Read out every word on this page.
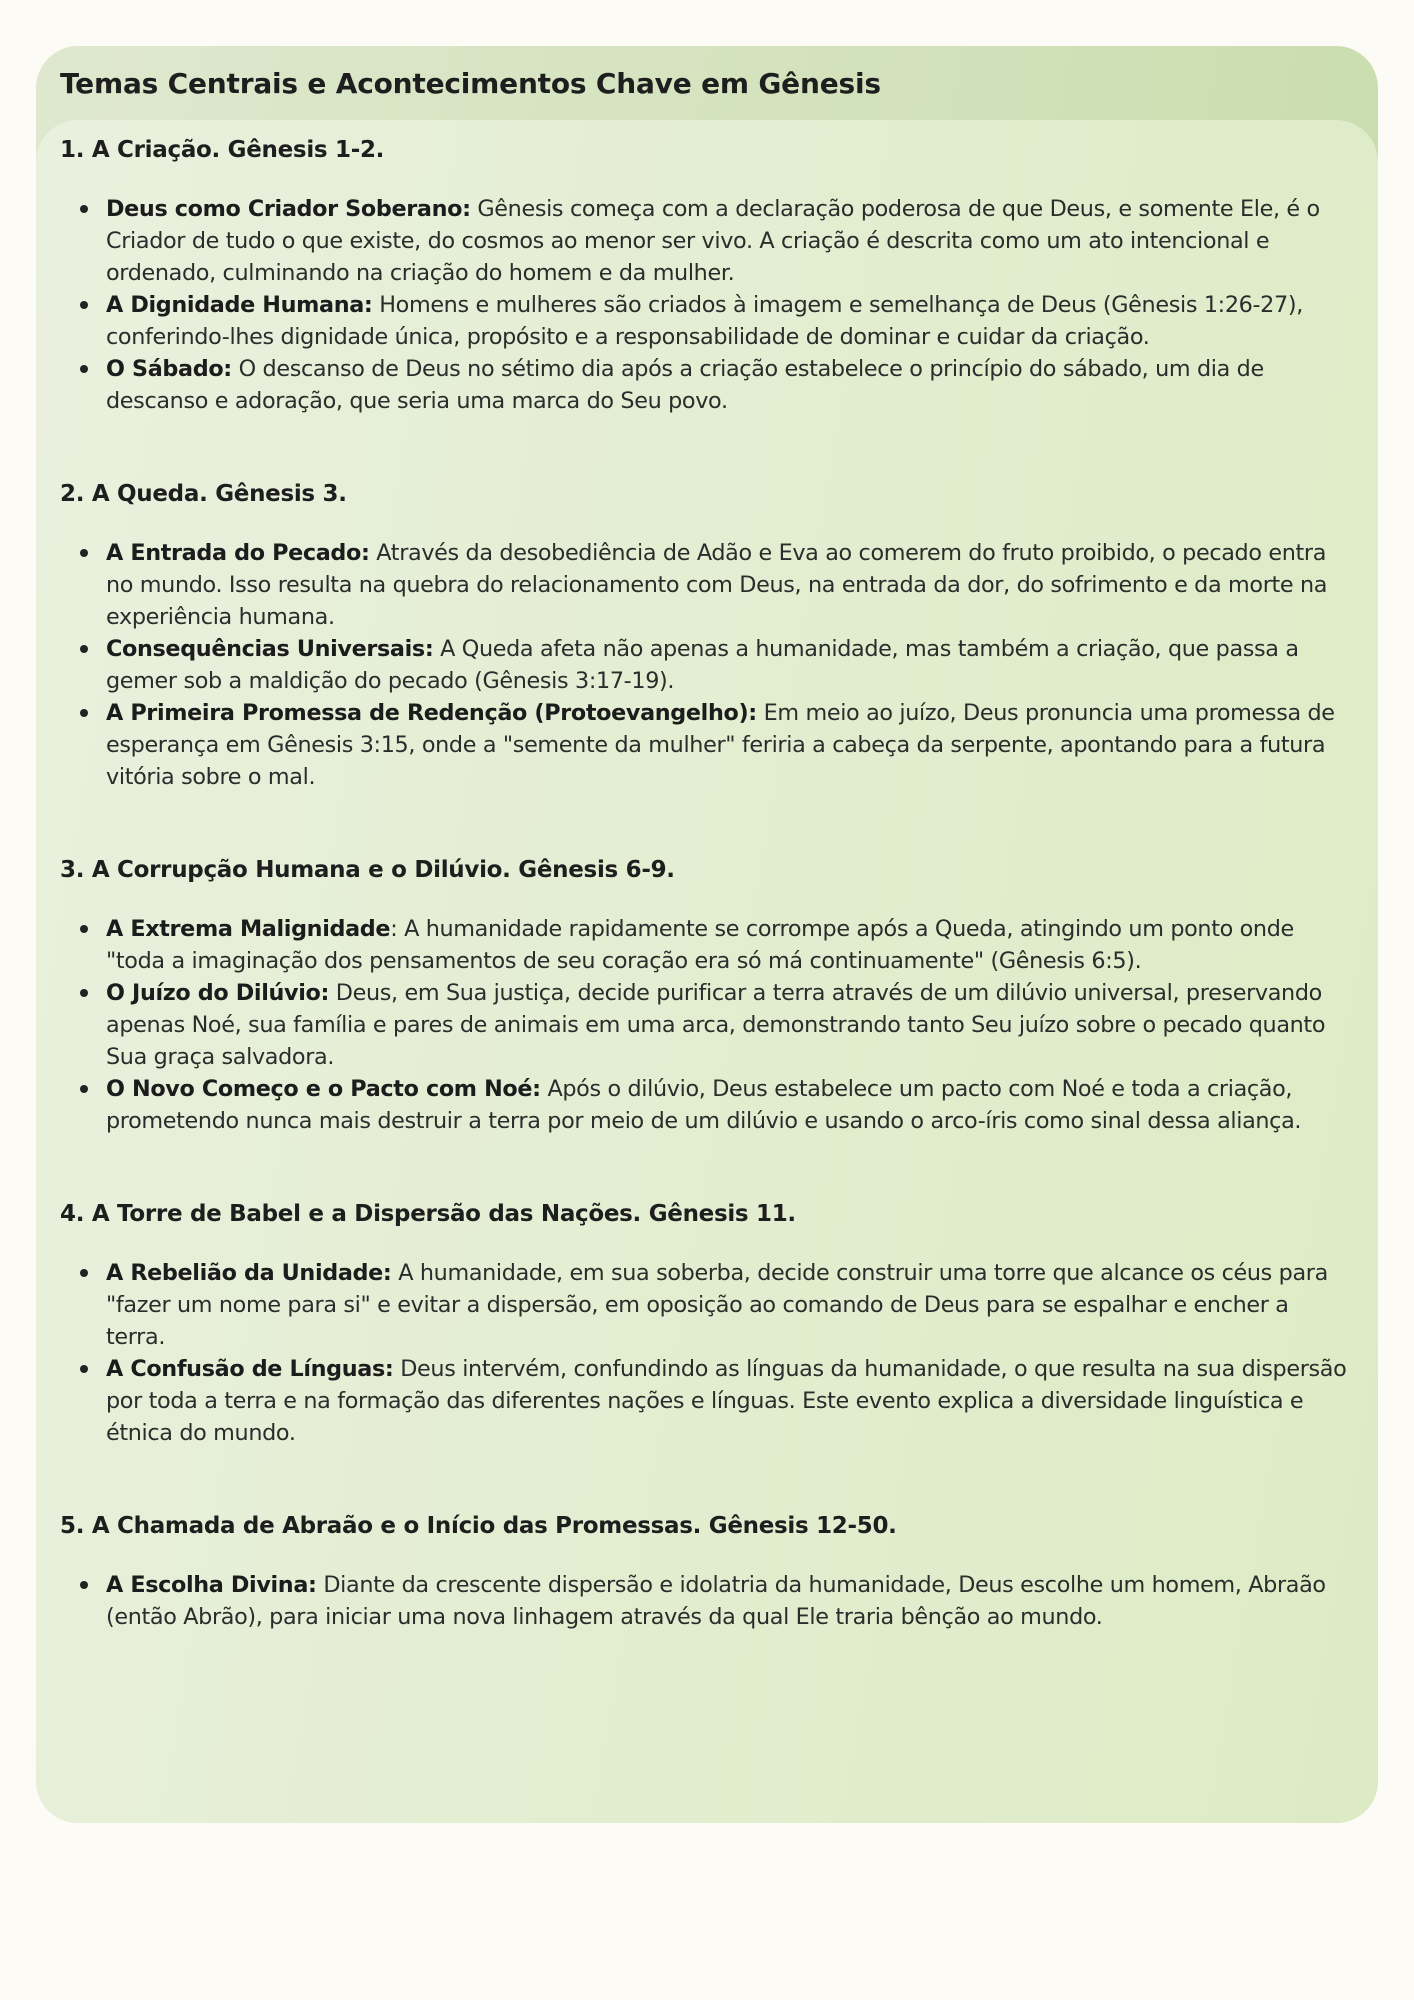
Temas Centrais e Acontecimentos Chave em Gênesis
1. A Criação. Gênesis 1-2.
Deus como Criador Soberano: Gênesis começa com a declaração poderosa de que Deus, e somente Ele, é o Criador de tudo o que existe, do cosmos ao menor ser vivo. A criação é descrita como um ato intencional e ordenado, culminando na criação do homem e da mulher.
A Dignidade Humana: Homens e mulheres são criados à imagem e semelhança de Deus (Gênesis 1:26-27), conferindo-lhes dignidade única, propósito e a responsabilidade de dominar e cuidar da criação.
O Sábado: O descanso de Deus no sétimo dia após a criação estabelece o princípio do sábado, um dia de descanso e adoração, que seria uma marca do Seu povo.
2. A Queda. Gênesis 3.
A Entrada do Pecado: Através da desobediência de Adão e Eva ao comerem do fruto proibido, o pecado entra no mundo. Isso resulta na quebra do relacionamento com Deus, na entrada da dor, do sofrimento e da morte na experiência humana.
Consequências Universais: A Queda afeta não apenas a humanidade, mas também a criação, que passa a gemer sob a maldição do pecado (Gênesis 3:17-19).
A Primeira Promessa de Redenção (Protoevangelho): Em meio ao juízo, Deus pronuncia uma promessa de esperança em Gênesis 3:15, onde a "semente da mulher" feriria a cabeça da serpente, apontando para a futura vitória sobre o mal.
3. A Corrupção Humana e o Dilúvio. Gênesis 6-9.
A Extrema Malignidade: A humanidade rapidamente se corrompe após a Queda, atingindo um ponto onde "toda a imaginação dos pensamentos de seu coração era só má continuamente" (Gênesis 6:5).
O Juízo do Dilúvio: Deus, em Sua justiça, decide purificar a terra através de um dilúvio universal, preservando apenas Noé, sua família e pares de animais em uma arca, demonstrando tanto Seu juízo sobre o pecado quanto Sua graça salvadora.
O Novo Começo e o Pacto com Noé: Após o dilúvio, Deus estabelece um pacto com Noé e toda a criação, prometendo nunca mais destruir a terra por meio de um dilúvio e usando o arco-íris como sinal dessa aliança.
4. A Torre de Babel e a Dispersão das Nações. Gênesis 11.
A Rebelião da Unidade: A humanidade, em sua soberba, decide construir uma torre que alcance os céus para "fazer um nome para si" e evitar a dispersão, em oposição ao comando de Deus para se espalhar e encher a terra.
A Confusão de Línguas: Deus intervém, confundindo as línguas da humanidade, o que resulta na sua dispersão por toda a terra e na formação das diferentes nações e línguas. Este evento explica a diversidade linguística e étnica do mundo.
5. A Chamada de Abraão e o Início das Promessas. Gênesis 12-50.
A Escolha Divina: Diante da crescente dispersão e idolatria da humanidade, Deus escolhe um homem, Abraão (então Abrão), para iniciar uma nova linhagem através da qual Ele traria bênção ao mundo.
